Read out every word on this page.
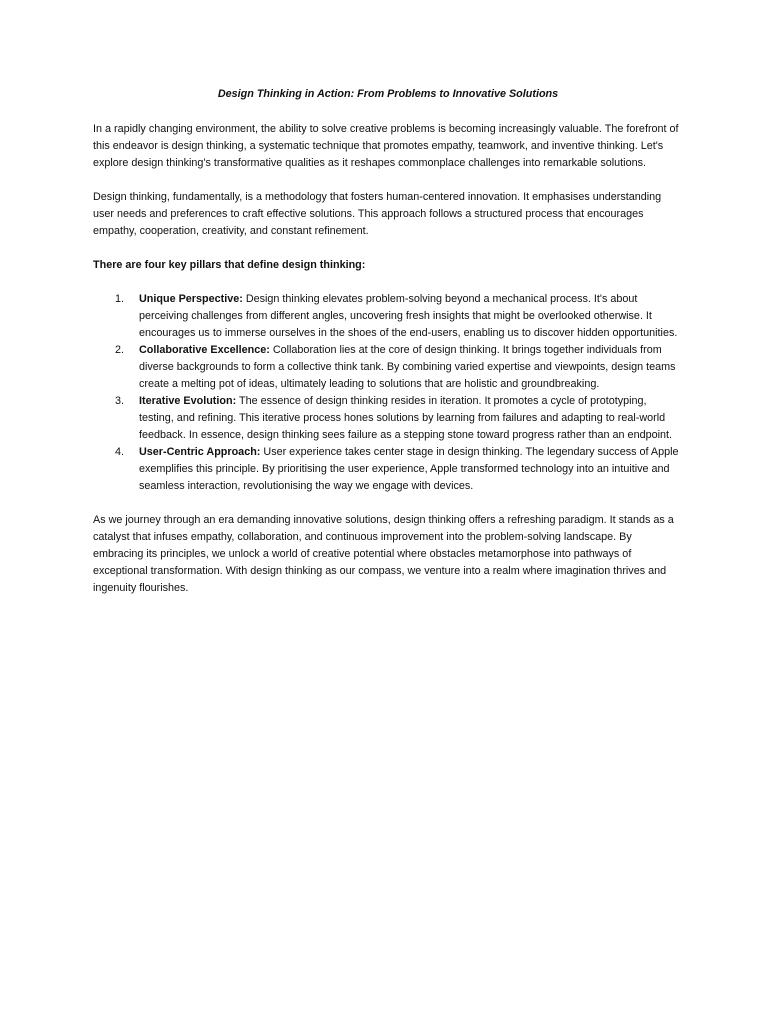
Design Thinking in Action: From Problems to Innovative Solutions

In a rapidly changing environment, the ability to solve creative problems is becoming increasingly valuable. The forefront of this endeavor is design thinking, a systematic technique that promotes empathy, teamwork, and inventive thinking. Let's explore design thinking's transformative qualities as it reshapes commonplace challenges into remarkable solutions.

Design thinking, fundamentally, is a methodology that fosters human-centered innovation. It emphasises understanding user needs and preferences to craft effective solutions. This approach follows a structured process that encourages empathy, cooperation, creativity, and constant refinement.

There are four key pillars that define design thinking:

1. Unique Perspective: Design thinking elevates problem-solving beyond a mechanical process. It's about perceiving challenges from different angles, uncovering fresh insights that might be overlooked otherwise. It encourages us to immerse ourselves in the shoes of the end-users, enabling us to discover hidden opportunities.
2. Collaborative Excellence: Collaboration lies at the core of design thinking. It brings together individuals from diverse backgrounds to form a collective think tank. By combining varied expertise and viewpoints, design teams create a melting pot of ideas, ultimately leading to solutions that are holistic and groundbreaking.
3. Iterative Evolution: The essence of design thinking resides in iteration. It promotes a cycle of prototyping, testing, and refining. This iterative process hones solutions by learning from failures and adapting to real-world feedback. In essence, design thinking sees failure as a stepping stone toward progress rather than an endpoint.
4. User-Centric Approach: User experience takes center stage in design thinking. The legendary success of Apple exemplifies this principle. By prioritising the user experience, Apple transformed technology into an intuitive and seamless interaction, revolutionising the way we engage with devices.

As we journey through an era demanding innovative solutions, design thinking offers a refreshing paradigm. It stands as a catalyst that infuses empathy, collaboration, and continuous improvement into the problem-solving landscape. By embracing its principles, we unlock a world of creative potential where obstacles metamorphose into pathways of exceptional transformation. With design thinking as our compass, we venture into a realm where imagination thrives and ingenuity flourishes.
